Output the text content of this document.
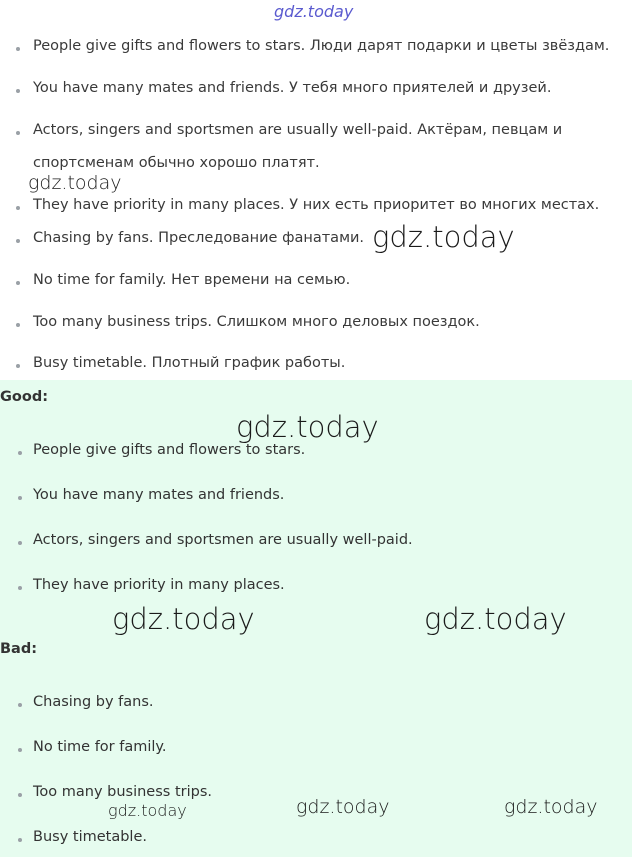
gdz.today
People give gifts and flowers to stars. Люди дарят подарки и цветы звёздам.
You have many mates and friends. У тебя много приятелей и друзей.
Actors, singers and sportsmen are usually well-paid. Актёрам, певцам и
спортсменам обычно хорошо платят.
They have priority in many places. У них есть приоритет во многих местах.
Chasing by fans. Преследование фанатами.
No time for family. Нет времени на семью.
Too many business trips. Слишком много деловых поездок.
Busy timetable. Плотный график работы.
gdz.today
gdz.today
Good:
People give gifts and flowers to stars.
You have many mates and friends.
Actors, singers and sportsmen are usually well-paid.
They have priority in many places.
Bad:
Chasing by fans.
No time for family.
Too many business trips.
Busy timetable.
gdz.today
gdz.today	gdz.today
gdz.today	gdz.today	gdz.today
